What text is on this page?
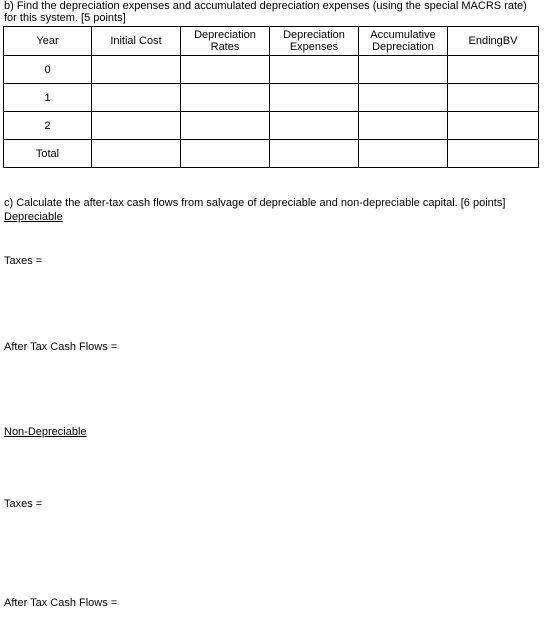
b) Find the depreciation expenses and accumulated depreciation expenses (using the special MACRS rate) for this system. [5 points]
Year	Initial Cost	Depreciation Rates	Depreciation Expenses	Accumulative Depreciation	EndingBV
0					
1					
2					
Total					
c) Calculate the after-tax cash flows from salvage of depreciable and non-depreciable capital. [6 points]
Depreciable
Taxes =
After Tax Cash Flows =
Non-Depreciable
Taxes =
After Tax Cash Flows =
